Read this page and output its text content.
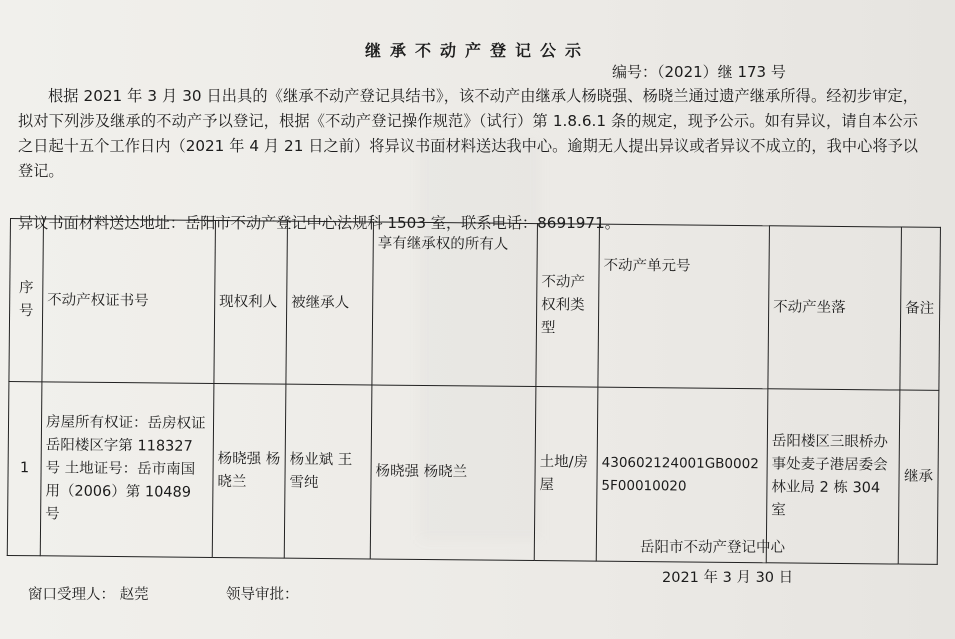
继承不动产登记公示
编号：（2021）继 173 号
根据 2021 年 3 月 30 日出具的《继承不动产登记具结书》，该不动产由继承人杨晓强、杨晓兰通过遗产继承所得。经初步审定， 拟对下列涉及继承的不动产予以登记，根据《不动产登记操作规范》（试行）第 1.8.6.1 条的规定，现予公示。如有异议，请自本公示之日起十五个工作日内（2021 年 4 月 21 日之前）将异议书面材料送达我中心。逾期无人提出异议或者异议不成立的，我中心将予以登记。
异议书面材料送达地址：岳阳市不动产登记中心法规科 1503 室，联系电话：8691971。
序号	不动产权证书号	现权利人	被继承人	享有继承权的所有人	不动产权利类型	不动产单元号	不动产坐落	备注
1	房屋所有权证：岳房权证岳阳楼区字第 118327 号 土地证号：岳市南国用（2006）第 10489 号	杨晓强 杨晓兰	杨业斌 王雪纯	杨晓强 杨晓兰	土地/房屋	430602124001GB00025F00010020	岳阳楼区三眼桥办事处麦子港居委会林业局 2 栋 304 室	继承
岳阳市不动产登记中心
2021 年 3 月 30 日
窗口受理人： 赵莞	领导审批：
